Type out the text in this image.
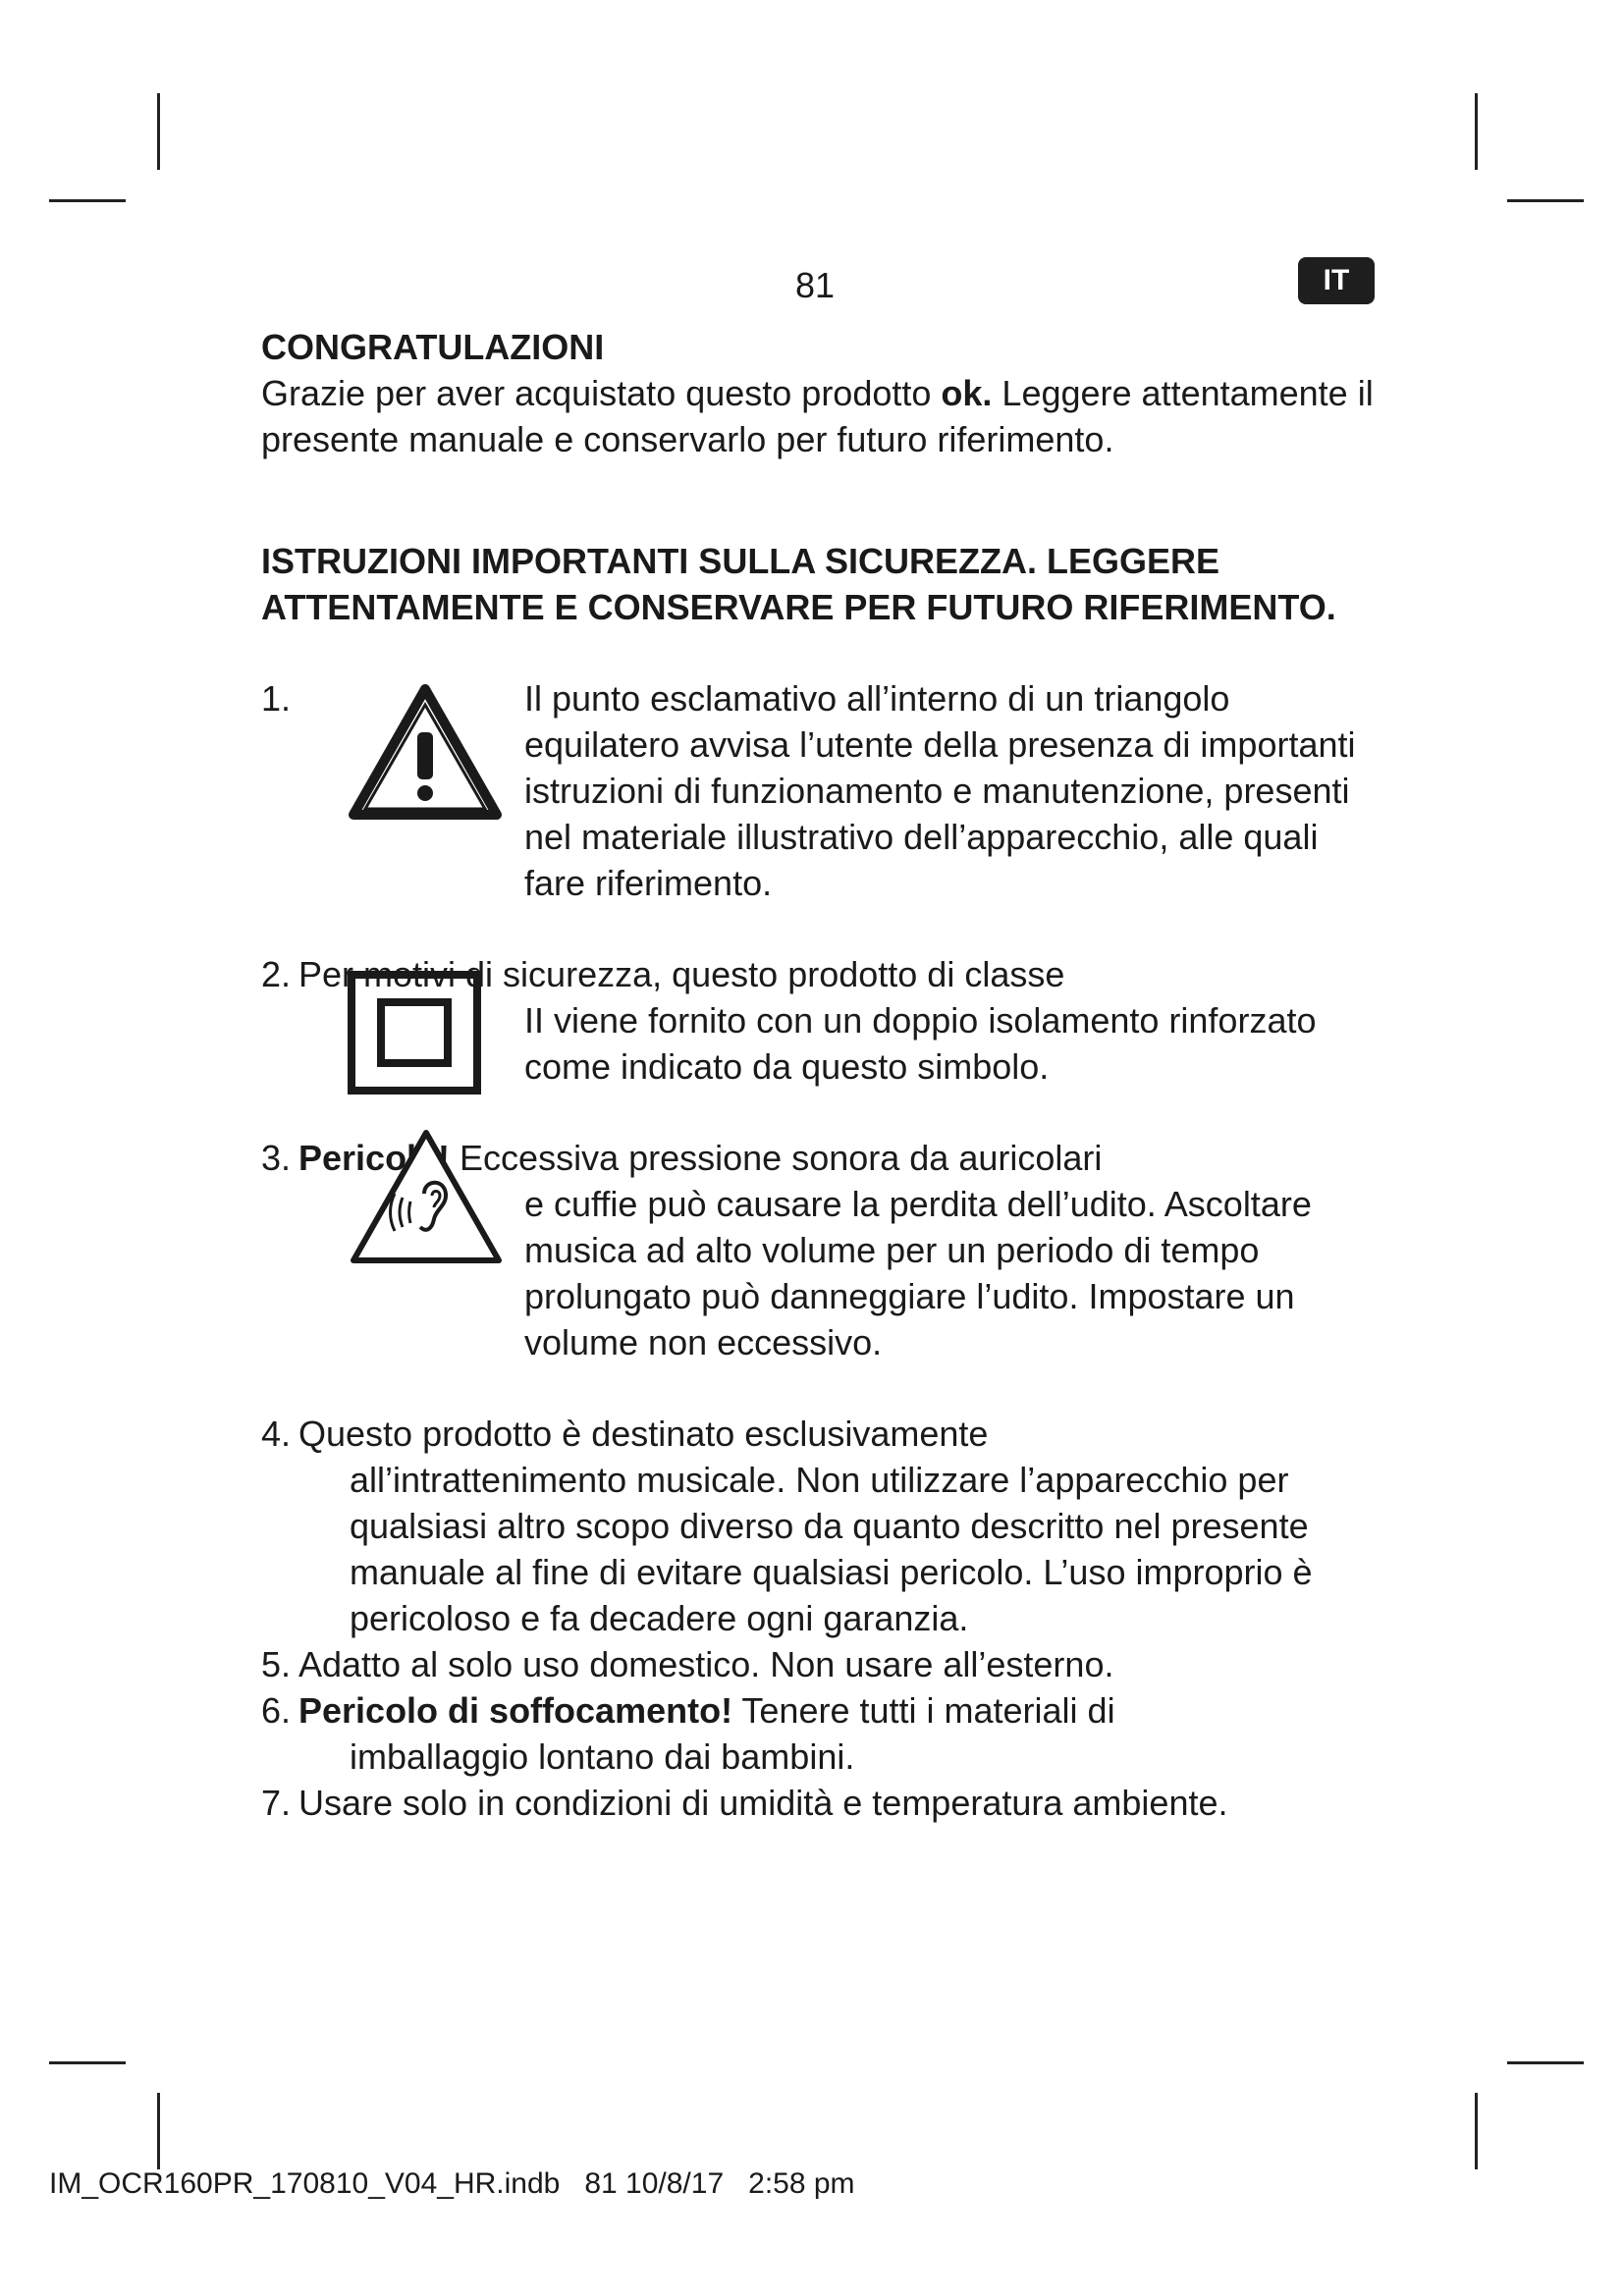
81	IT

CONGRATULAZIONI

Grazie per aver acquistato questo prodotto ok. Leggere attentamente il presente manuale e conservarlo per futuro riferimento.

ISTRUZIONI IMPORTANTI SULLA SICUREZZA. LEGGERE ATTENTAMENTE E CONSERVARE PER FUTURO RIFERIMENTO.

1.	Il punto esclamativo all’interno di un triangolo equilatero avvisa l’utente della presenza di importanti istruzioni di funzionamento e manutenzione, presenti nel materiale illustrativo dell’apparecchio, alle quali fare riferimento.
2. Per motivi di sicurezza, questo prodotto di classe
II viene fornito con un doppio isolamento rinforzato come indicato da questo simbolo.
3. Pericolo! Eccessiva pressione sonora da auricolari
e cuffie può causare la perdita dell’udito. Ascoltare musica ad alto volume per un periodo di tempo prolungato può danneggiare l’udito. Impostare un volume non eccessivo.
4. Questo prodotto è destinato esclusivamente
all’intrattenimento musicale. Non utilizzare l’apparecchio per qualsiasi altro scopo diverso da quanto descritto nel presente manuale al fine di evitare qualsiasi pericolo. L’uso improprio è pericoloso e fa decadere ogni garanzia.
5. Adatto al solo uso domestico. Non usare all’esterno.
6. Pericolo di soffocamento! Tenere tutti i materiali di
imballaggio lontano dai bambini.
7. Usare solo in condizioni di umidità e temperatura ambiente.
IM_OCR160PR_170810_V04_HR.indb   81 10/8/17   2:58 pm
